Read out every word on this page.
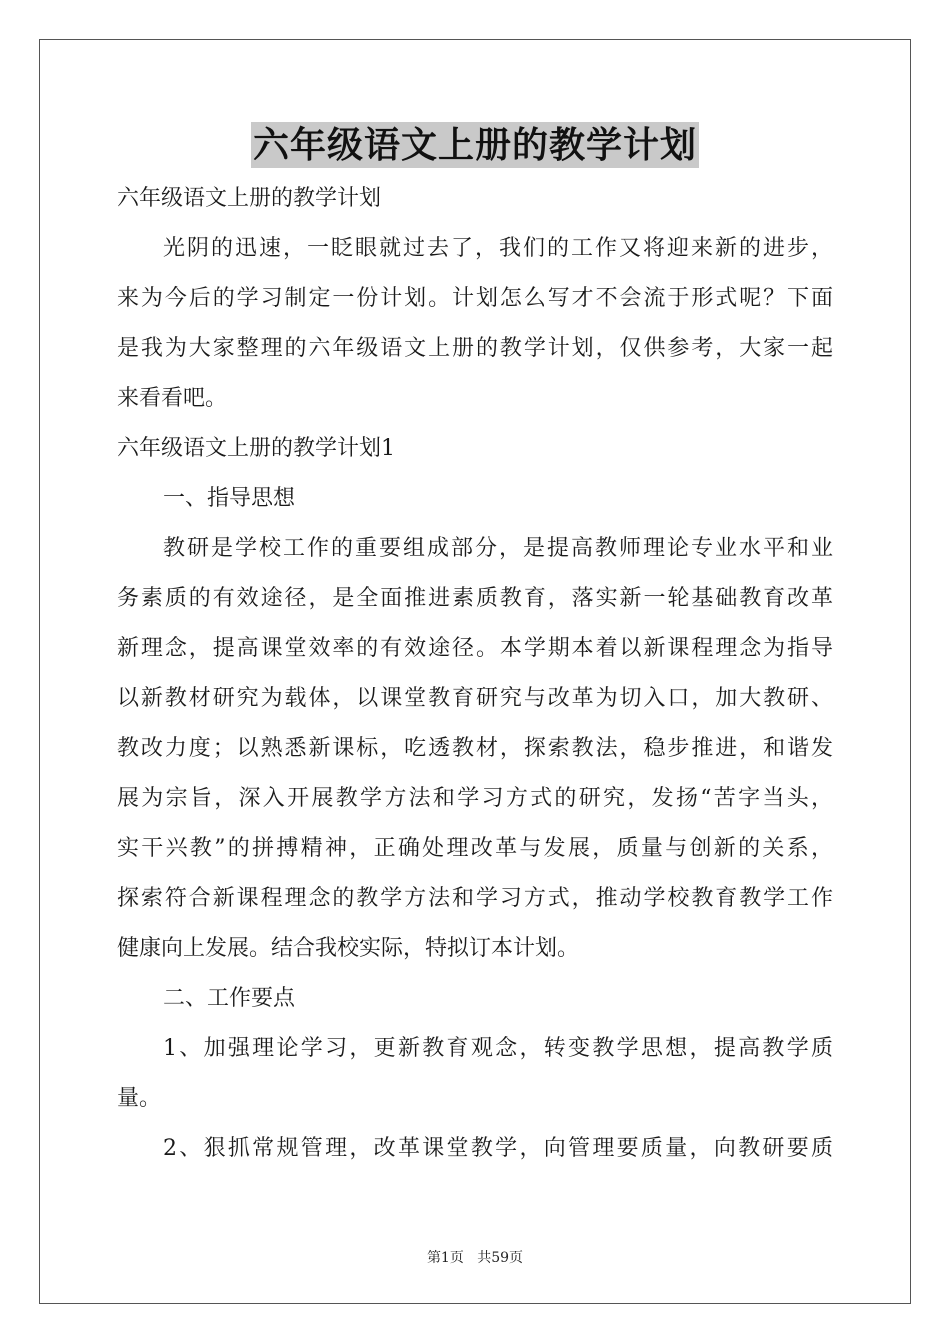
六年级语文上册的教学计划
六年级语文上册的教学计划
光阴的迅速，一眨眼就过去了，我们的工作又将迎来新的进步，
来为今后的学习制定一份计划。计划怎么写才不会流于形式呢？下面
是我为大家整理的六年级语文上册的教学计划，仅供参考，大家一起
来看看吧。
六年级语文上册的教学计划1
一、指导思想
教研是学校工作的重要组成部分，是提高教师理论专业水平和业
务素质的有效途径，是全面推进素质教育，落实新一轮基础教育改革
新理念，提高课堂效率的有效途径。本学期本着以新课程理念为指导
以新教材研究为载体，以课堂教育研究与改革为切入口，加大教研、
教改力度；以熟悉新课标，吃透教材，探索教法，稳步推进，和谐发
展为宗旨，深入开展教学方法和学习方式的研究，发扬“苦字当头，
实干兴教”的拼搏精神，正确处理改革与发展，质量与创新的关系，
探索符合新课程理念的教学方法和学习方式，推动学校教育教学工作
健康向上发展。结合我校实际，特拟订本计划。
二、工作要点
1、加强理论学习，更新教育观念，转变教学思想，提高教学质
量。
2、狠抓常规管理，改革课堂教学，向管理要质量，向教研要质
第1页 共59页
